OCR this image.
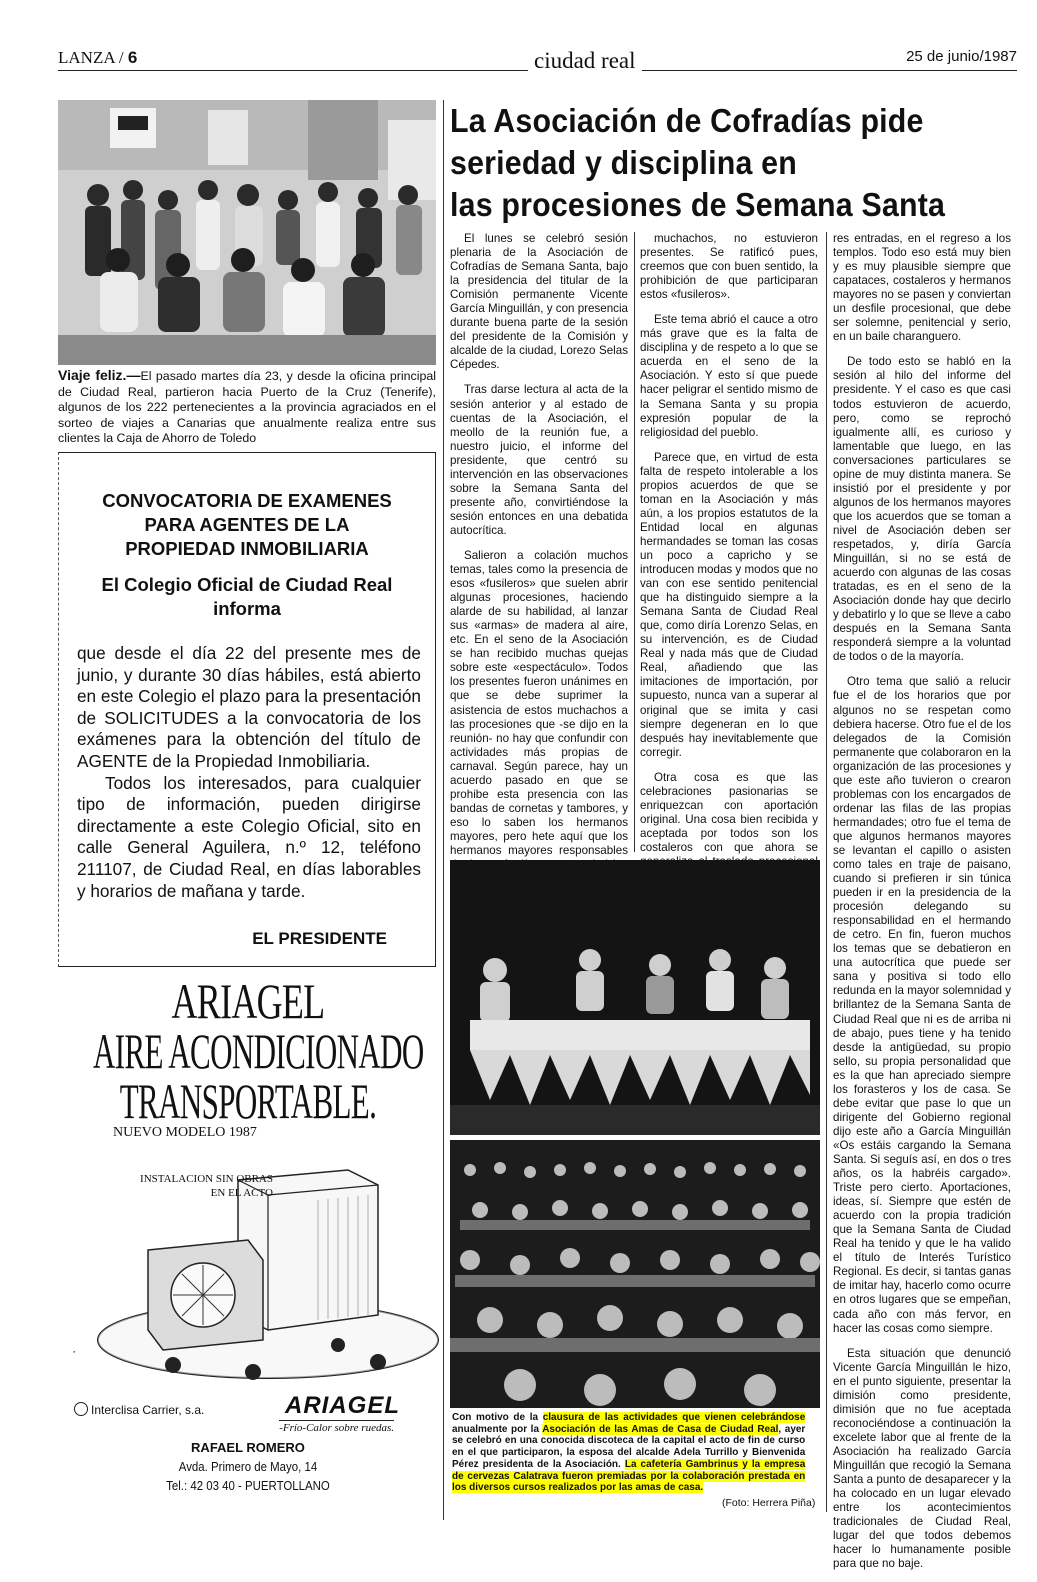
LANZA / 6	ciudad real	25 de junio/1987
Viaje feliz.—El pasado martes día 23, y desde la oficina principal de Ciudad Real, partieron hacia Puerto de la Cruz (Tenerife), algunos de los 222 pertenecientes a la provincia agraciados en el sorteo de viajes a Canarias que anualmente realiza entre sus clientes la Caja de Ahorro de Toledo
La Asociación de Cofradías pide
seriedad y disciplina en
las procesiones de Semana Santa

El lunes se celebró sesión plenaria de la Asociación de Cofradías de Semana Santa, bajo la presidencia del titular de la Comisión permanente Vicente García Minguillán, y con presencia durante buena parte de la sesión del presidente de la Comisión y alcalde de la ciudad, Lorezo Selas Cépedes.

Tras darse lectura al acta de la sesión anterior y al estado de cuentas de la Asociación, el meollo de la reunión fue, a nuestro juicio, el informe del presidente, que centró su intervención en las observaciones sobre la Semana Santa del presente año, convirtiéndose la sesión entonces en una debatida autocrítica.

Salieron a colación muchos temas, tales como la presencia de esos «fusileros» que suelen abrir algunas procesiones, haciendo alarde de su habilidad, al lanzar sus «armas» de madera al aire, etc. En el seno de la Asociación se han recibido muchas quejas sobre este «espectáculo». Todos los presentes fueron unánimes en que se debe suprimer la asistencia de estos muchachos a las procesiones que -se dijo en la reunión- no hay que confundir con actividades más propias de carnaval. Según parece, hay un acuerdo pasado en que se prohibe esta presencia con las bandas de cornetas y tambores, y eso lo saben los hermanos mayores, pero hete aquí que los hermanos mayores responsables

muchachos, no estuvieron presentes. Se ratificó pues, creemos que con buen sentido, la prohibición de que participaran estos «fusileros».

Este tema abrió el cauce a otro más grave que es la falta de disciplina y de respeto a lo que se acuerda en el seno de la Asociación. Y esto sí que puede hacer peligrar el sentido mismo de la Semana Santa y su propia expresión popular de la religiosidad del pueblo.

Parece que, en virtud de esta falta de respeto intolerable a los propios acuerdos de que se toman en la Asociación y más aún, a los propios estatutos de la Entidad local en algunas hermandades se toman las cosas un poco a capricho y se introducen modas y modos que no van con ese sentido penitencial que ha distinguido siempre a la Semana Santa de Ciudad Real que, como diría Lorenzo Selas, en su intervención, es de Ciudad Real y nada más que de Ciudad Real, añadiendo que las imitaciones de importación, por supuesto, nunca van a superar al original que se imita y casi siempre degeneran en lo que después hay inevitablemente que corregir.

Otra cosa es que las celebraciones pasionarias se enriquezcan con aportación original. Una cosa bien recibida y aceptada por todos son los costaleros con que ahora se

res entradas, en el regreso a los templos. Todo eso está muy bien y es muy plausible siempre que capataces, costaleros y hermanos mayores no se pasen y conviertan un desfile procesional, que debe ser solemne, penitencial y serio, en un baile charanguero.

De todo esto se habló en la sesión al hilo del informe del presidente. Y el caso es que casi todos estuvieron de acuerdo, pero, como se reprochó igualmente allí, es curioso y lamentable que luego, en las conversaciones particulares se opine de muy distinta manera. Se insistió por el presidente y por algunos de los hermanos mayores que los acuerdos que se toman a nivel de Asociación deben ser respetados, y, diría García Minguillán, si no se está de acuerdo con algunas de las cosas tratadas, es en el seno de la Asociación donde hay que decirlo y debatirlo y lo que se lleve a cabo después en la Semana Santa responderá siempre a la voluntad de todos o de la mayoría.

Otro tema que salió a relucir fue el de los horarios que por algunos no se respetan como debiera hacerse. Otro fue el de los delegados de la Comisión permanente que colaboraron en la organización de las procesiones y que este año tuvieron o crearon problemas con los encargados de ordenar las filas de las propias hermandades; otro fue el tema de que algunos hermanos mayores se levantan el capillo o asisten como tales en traje de paisano, cuando si prefieren ir sin túnica pueden ir en la presidencia de la procesión delegando su responsabilidad en el hermando de cetro. En fin, fueron muchos los temas que se debatieron en una autocrítica que puede ser sana y positiva si todo ello redunda en la mayor solemnidad y brillantez de la Semana Santa de Ciudad Real que ni es de arriba ni de abajo, pues tiene y ha tenido desde la antigüedad, su propio sello, su propia personalidad que es la que han apreciado siempre los forasteros y los de casa. Se debe evitar que pase lo que un dirigente del Gobierno regional dijo este año a García Minguillán «Os estáis cargando la Semana Santa. Si seguís así, en dos o tres años, os la habréis cargado». Triste pero cierto. Aportaciones, ideas, sí. Siempre que estén de acuerdo con la propia tradición que la Semana Santa de Ciudad Real ha tenido y que le ha valido el título de Interés Turístico Regional. Es decir, si tantas ganas de imitar hay, hacerlo como ocurre en otros lugares que se empeñan, cada año con más fervor, en hacer las cosas como siempre.

Esta situación que denunció Vicente García Minguillán le hizo, en el punto siguiente, presentar la dimisión como presidente, dimisión que no fue aceptada reconociéndose a continuación la excelete labor que al frente de la Asociación ha realizado García Minguillán que recogió la Semana Santa a punto de desaparecer y la ha colocado en un lugar elevado entre los acontecimientos tradicionales de Ciudad Real, lugar del que todos debemos hacer lo humanamente posible para que no baje.

Con motivo de la clausura de las actividades que vienen celebrándose anualmente por la Asociación de las Amas de Casa de Ciudad Real, ayer se celebró en una conocida discoteca de la capital el acto de fin de curso en el que participaron, la esposa del alcalde Adela Turrillo y Bienvenida Pérez presidenta de la Asociación. La cafetería Gambrinus y la empresa de cervezas Calatrava fueron premiadas por la colaboración prestada en los diversos cursos realizados por las amas de casa.
(Foto: Herrera Piña)
CONVOCATORIA DE EXAMENES PARA AGENTES DE LA PROPIEDAD INMOBILIARIA
El Colegio Oficial de Ciudad Real informa

que desde el día 22 del presente mes de junio, y durante 30 días hábiles, está abierto en este Colegio el plazo para la presentación de SOLICITUDES a la convocatoria de los exámenes para la obtención del título de AGENTE de la Propiedad Inmobiliaria.

Todos los interesados, para cualquier tipo de información, pueden dirigirse directamente a este Colegio Oficial, sito en calle General Aguilera, n.º 12, teléfono 211107, de Ciudad Real, en días laborables y horarios de mañana y tarde.

EL PRESIDENTE
ARIAGEL
AIRE ACONDICIONADO
TRANSPORTABLE.
NUEVO MODELO 1987
INSTALACION SIN OBRAS EN EL ACTO
▪
Interclisa Carrier, s.a.	ARIAGEL
-Frío-Calor sobre ruedas.
RAFAEL ROMERO
Avda. Primero de Mayo, 14
Tel.: 42 03 40 - PUERTOLLANO
